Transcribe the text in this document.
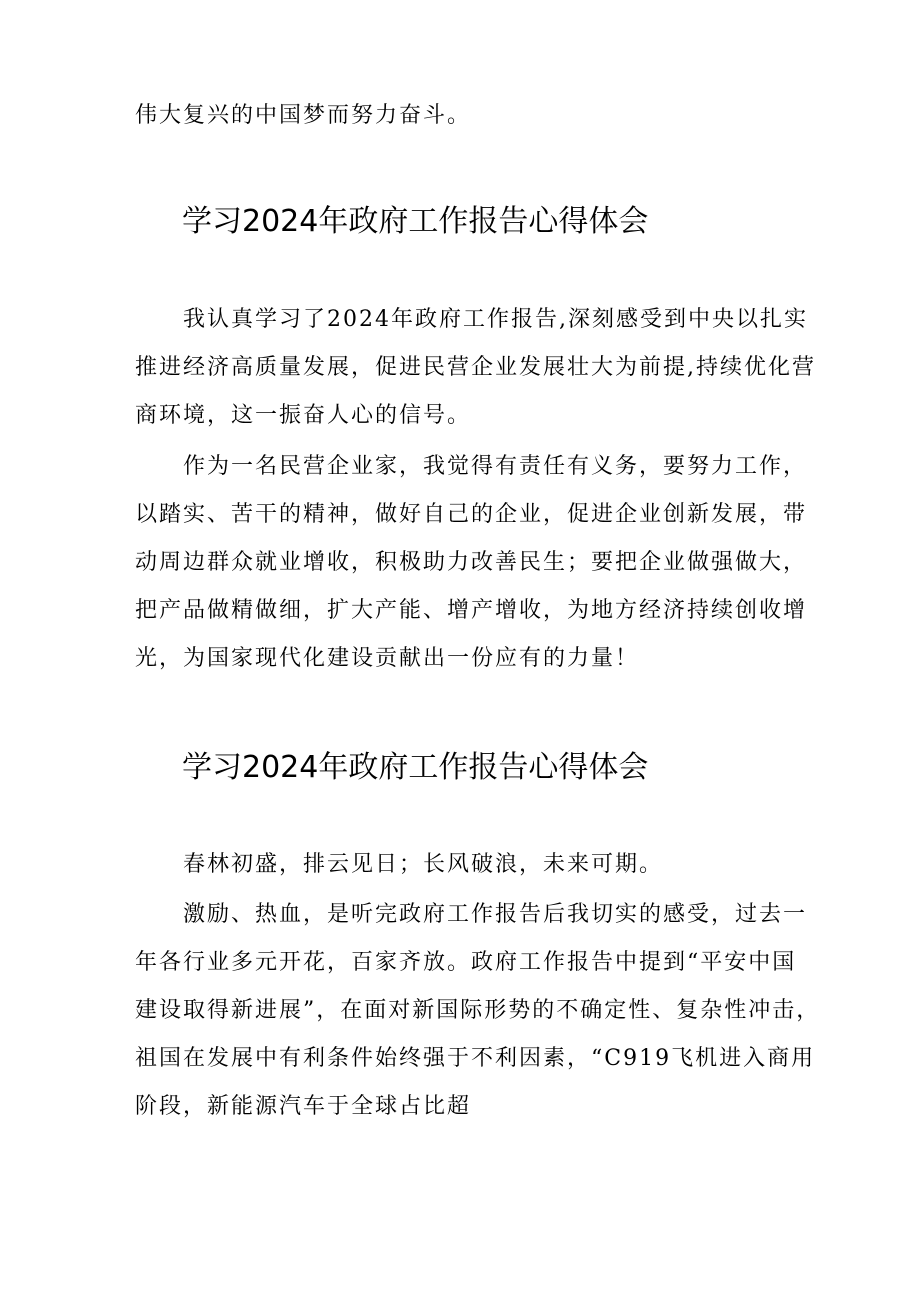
伟大复兴的中国梦而努力奋斗。
学习2024年政府工作报告心得体会
我认真学习了2024年政府工作报告,深刻感受到中央以扎实
推进经济高质量发展，促进民营企业发展壮大为前提,持续优化营
商环境，这一振奋人心的信号。
作为一名民营企业家，我觉得有责任有义务，要努力工作，
以踏实、苦干的精神，做好自己的企业，促进企业创新发展，带
动周边群众就业增收，积极助力改善民生；要把企业做强做大，
把产品做精做细，扩大产能、增产增收，为地方经济持续创收增
光，为国家现代化建设贡献出一份应有的力量！
学习2024年政府工作报告心得体会
春林初盛，排云见日；长风破浪，未来可期。
激励、热血，是听完政府工作报告后我切实的感受，过去一
年各行业多元开花，百家齐放。政府工作报告中提到“平安中国
建设取得新进展”，在面对新国际形势的不确定性、复杂性冲击，
祖国在发展中有利条件始终强于不利因素，“C919飞机进入商用
阶段，新能源汽车于全球占比超
